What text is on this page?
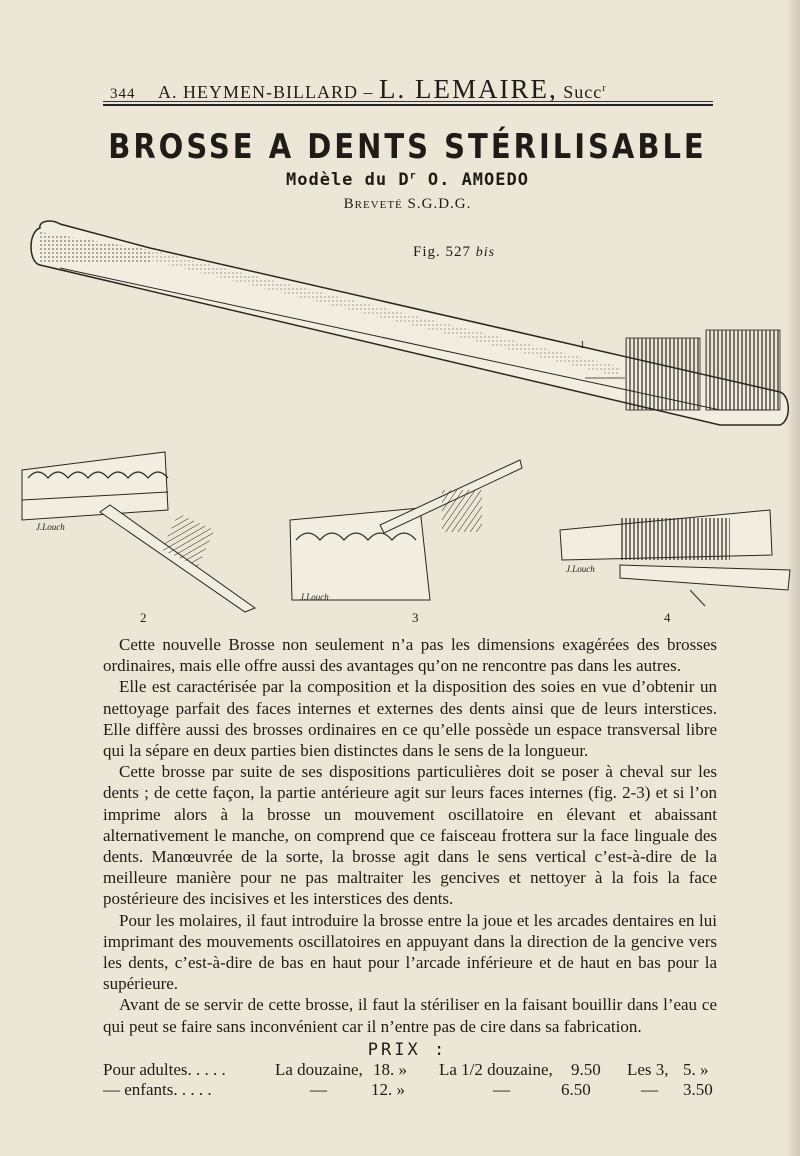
344 A. HEYMEN-BILLARD – L. LEMAIRE, Succ$^r$
BROSSE A DENTS STÉRILISABLE
Modèle du $D^r$ O. AMOEDO
Breveté S.G.D.G.
Fig. 527 bis
1
J.Louch
J.Louch
J.Louch
2	3	4

Cette nouvelle Brosse non seulement n’a pas les dimensions exagérées des brosses ordinaires, mais elle offre aussi des avantages qu’on ne rencontre pas dans les autres.

Elle est caractérisée par la composition et la disposition des soies en vue d’obtenir un nettoyage parfait des faces internes et externes des dents ainsi que de leurs interstices. Elle diffère aussi des brosses ordinaires en ce qu’elle possède un espace transversal libre qui la sépare en deux parties bien distinctes dans le sens de la longueur.

Cette brosse par suite de ses dispositions particulières doit se poser à cheval sur les dents ; de cette façon, la partie antérieure agit sur leurs faces internes (fig. 2-3) et si l’on imprime alors à la brosse un mouvement oscillatoire en élevant et abaissant alternativement le manche, on comprend que ce faisceau frottera sur la face linguale des dents. Manœuvrée de la sorte, la brosse agit dans le sens vertical c’est-à-dire de la meilleure manière pour ne pas maltraiter les gencives et nettoyer à la fois la face postérieure des incisives et les interstices des dents.

Pour les molaires, il faut introduire la brosse entre la joue et les arcades dentaires en lui imprimant des mouvements oscillatoires en appuyant dans la direction de la gencive vers les dents, c’est-à-dire de bas en haut pour l’arcade inférieure et de haut en bas pour la supérieure.

Avant de se servir de cette brosse, il faut la stériliser en la faisant bouillir dans l’eau ce qui peut se faire sans inconvénient car il n’entre pas de cire dans sa fabrication.

PRIX :
Pour adultes. . . . .	La douzaine, 18. » La 1/2 douzaine, 9.50 Les 3, 5. »
— enfants. . . . .	—	12. »	—	6.50	— 3.50
